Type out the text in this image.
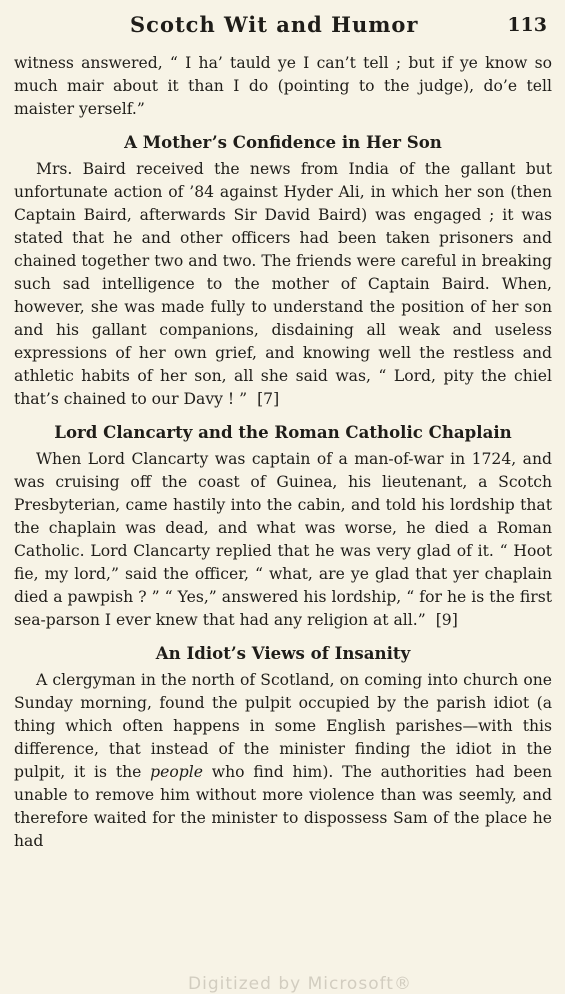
Scotch Wit and Humor	113

witness answered, “ I ha’ tauld ye I can’t tell ; but if ye know so much mair about it than I do (pointing to the judge), do’e tell maister yerself.”

A Mother’s Confidence in Her Son

Mrs. Baird received the news from India of the gallant but unfortunate action of ’84 against Hyder Ali, in which her son (then Captain Baird, afterwards Sir David Baird) was engaged ; it was stated that he and other officers had been taken prisoners and chained together two and two. The friends were careful in breaking such sad intelligence to the mother of Captain Baird. When, however, she was made fully to understand the position of her son and his gallant companions, disdaining all weak and useless expressions of her own grief, and knowing well the restless and athletic habits of her son, all she said was, “ Lord, pity the chiel that’s chained to our Davy ! ” [7]

Lord Clancarty and the Roman Catholic Chaplain

When Lord Clancarty was captain of a man-of-war in 1724, and was cruising off the coast of Guinea, his lieutenant, a Scotch Presbyterian, came hastily into the cabin, and told his lordship that the chaplain was dead, and what was worse, he died a Roman Catholic. Lord Clancarty replied that he was very glad of it. “ Hoot fie, my lord,” said the officer, “ what, are ye glad that yer chaplain died a pawpish ? ” “ Yes,” answered his lordship, “ for he is the first sea-parson I ever knew that had any religion at all.” [9]

An Idiot’s Views of Insanity

A clergyman in the north of Scotland, on coming into church one Sunday morning, found the pulpit occupied by the parish idiot (a thing which often happens in some English parishes—with this difference, that instead of the minister finding the idiot in the pulpit, it is the people who find him). The authorities had been unable to remove him without more violence than was seemly, and therefore waited for the minister to dispossess Sam of the place he had

Digitized by Microsoft®
